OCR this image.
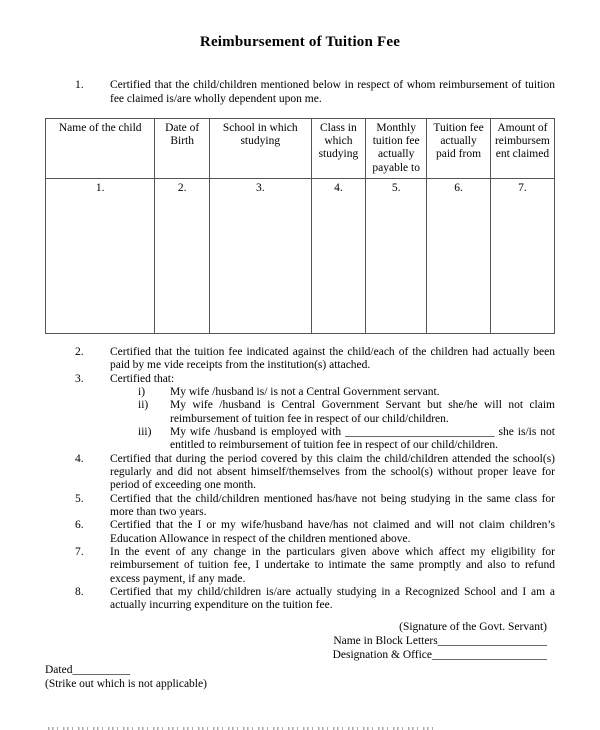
Reimbursement of Tuition Fee
1.	Certified that the child/children mentioned below in respect of whom reimbursement of tuition fee claimed is/are wholly dependent upon me.
Name of the child	Date of Birth	School in which studying	Class in which studying	Monthly tuition fee actually payable to	Tuition fee actually paid from	Amount of reimbursement claimed
1.	2.	3.	4.	5.	6.	7.
2.	Certified that the tuition fee indicated against the child/each of the children had actually been paid by me vide receipts from the institution(s) attached.
3.	Certified that:
i)	My wife /husband is/ is not a Central Government servant.
ii)	My wife /husband is Central Government Servant but she/he will not claim reimbursement of tuition fee in respect of our child/children.
iii)	My wife /husband is employed with __________________________ she is/is not entitled to reimbursement of tuition fee in respect of our child/children.
4.	Certified that during the period covered by this claim the child/children attended the school(s) regularly and did not absent himself/themselves from the school(s) without proper leave for period of exceeding one month.
5.	Certified that the child/children mentioned has/have not being studying in the same class for more than two years.
6.	Certified that the I or my wife/husband have/has not claimed and will not claim children’s Education Allowance in respect of the children mentioned above.
7.	In the event of any change in the particulars given above which affect my eligibility for reimbursement of tuition fee, I undertake to intimate the same promptly and also to refund excess payment, if any made.
8.	Certified that my child/children is/are actually studying in a Recognized School and I am a actually incurring expenditure on the tuition fee.
(Signature of the Govt. Servant)
Name in Block Letters___________________
Designation & Office____________________
Dated__________
(Strike out which is not applicable)
